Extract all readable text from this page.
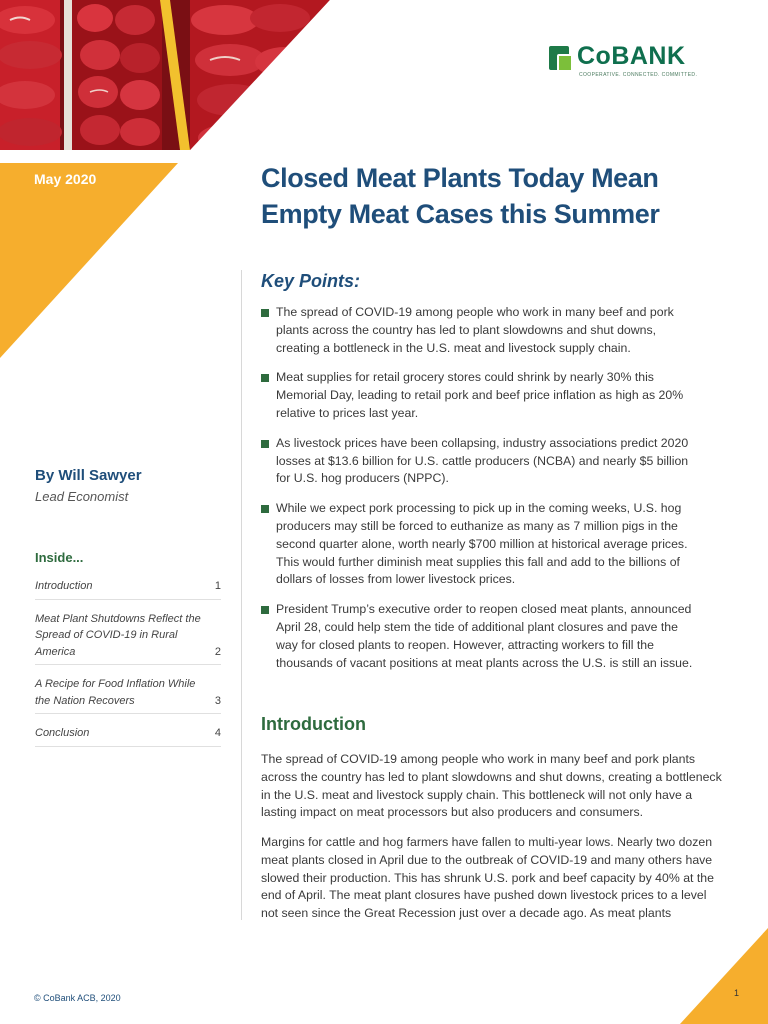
May 2020
CoBANK
COOPERATIVE. CONNECTED. COMMITTED.
Closed Meat Plants Today Mean Empty Meat Cases this Summer
Key Points:
The spread of COVID-19 among people who work in many beef and pork plants across the country has led to plant slowdowns and shut downs, creating a bottleneck in the U.S. meat and livestock supply chain.
Meat supplies for retail grocery stores could shrink by nearly 30% this Memorial Day, leading to retail pork and beef price inflation as high as 20% relative to prices last year.
As livestock prices have been collapsing, industry associations predict 2020 losses at $13.6 billion for U.S. cattle producers (NCBA) and nearly $5 billion for U.S. hog producers (NPPC).
While we expect pork processing to pick up in the coming weeks, U.S. hog producers may still be forced to euthanize as many as 7 million pigs in the second quarter alone, worth nearly $700 million at historical average prices. This would further diminish meat supplies this fall and add to the billions of dollars of losses from lower livestock prices.
President Trump’s executive order to reopen closed meat plants, announced April 28, could help stem the tide of additional plant closures and pave the way for closed plants to reopen. However, attracting workers to fill the thousands of vacant positions at meat plants across the U.S. is still an issue.
Introduction

The spread of COVID-19 among people who work in many beef and pork plants across the country has led to plant slowdowns and shut downs, creating a bottleneck in the U.S. meat and livestock supply chain. This bottleneck will not only have a lasting impact on meat processors but also producers and consumers.

Margins for cattle and hog farmers have fallen to multi-year lows. Nearly two dozen meat plants closed in April due to the outbreak of COVID-19 and many others have slowed their production. This has shrunk U.S. pork and beef capacity by 40% at the end of April. The meat plant closures have pushed down livestock prices to a level not seen since the Great Recession just over a decade ago. As meat plants

By Will Sawyer
Lead Economist
Inside...
Introduction	1
Meat Plant Shutdowns Reflect the Spread of COVID-19 in Rural America	2
A Recipe for Food Inflation While the Nation Recovers	3
Conclusion	4
© CoBank ACB, 2020	1
